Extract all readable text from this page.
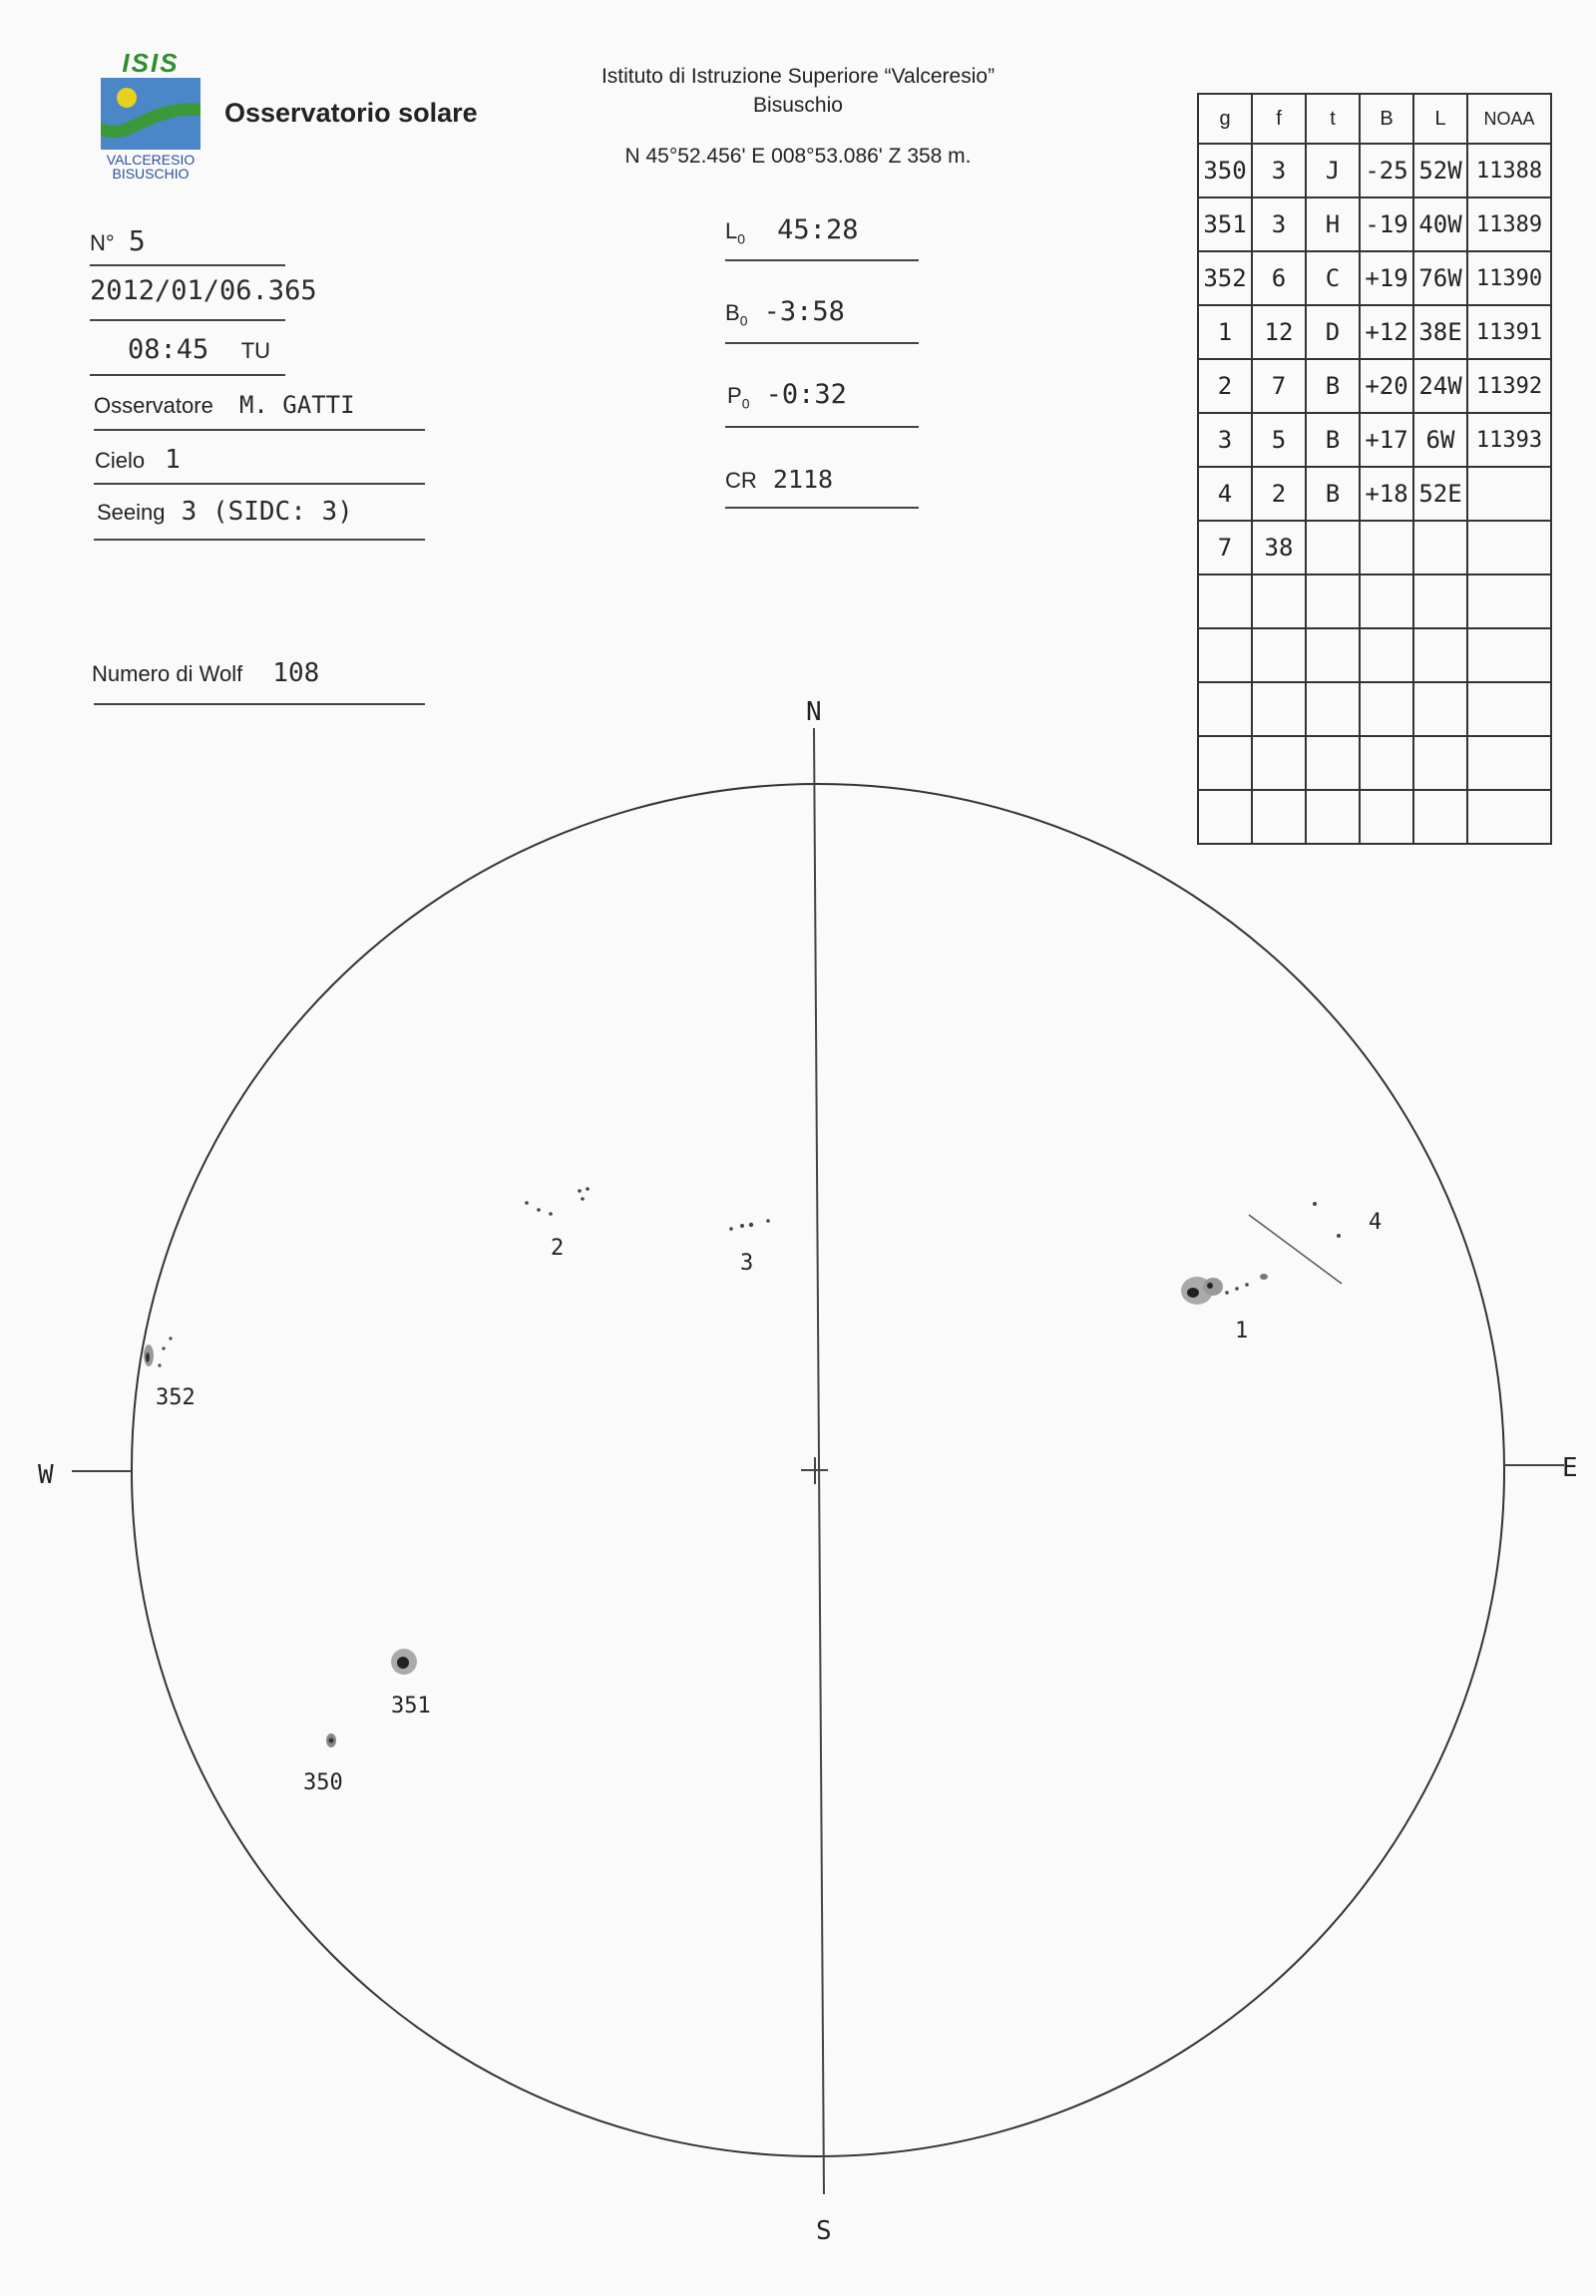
ISIS
VALCERESIO
BISUSCHIO
Osservatorio solare
Istituto di Istruzione Superiore “Valceresio”
Bisuschio
N 45°52.456' E 008°53.086' Z 358 m.
N° 5
2012/01/06.365
08:45 TU
Osservatore M. GATTI
Cielo 1
Seeing 3 (SIDC: 3)
Numero di Wolf 108
$L_0$ 45:28
$B_0$ -3:58
$P_0$ -0:32
CR 2118
g	f	t	B	L	NOAA
350	3	J	-25	52W	11388
351	3	H	-19	40W	11389
352	6	C	+19	76W	11390
1	12	D	+12	38E	11391
2	7	B	+20	24W	11392
3	5	B	+17	6W	11393
4	2	B	+18	52E	
7	38				

N
S
W	E
2
3
4
1
352
351
350
